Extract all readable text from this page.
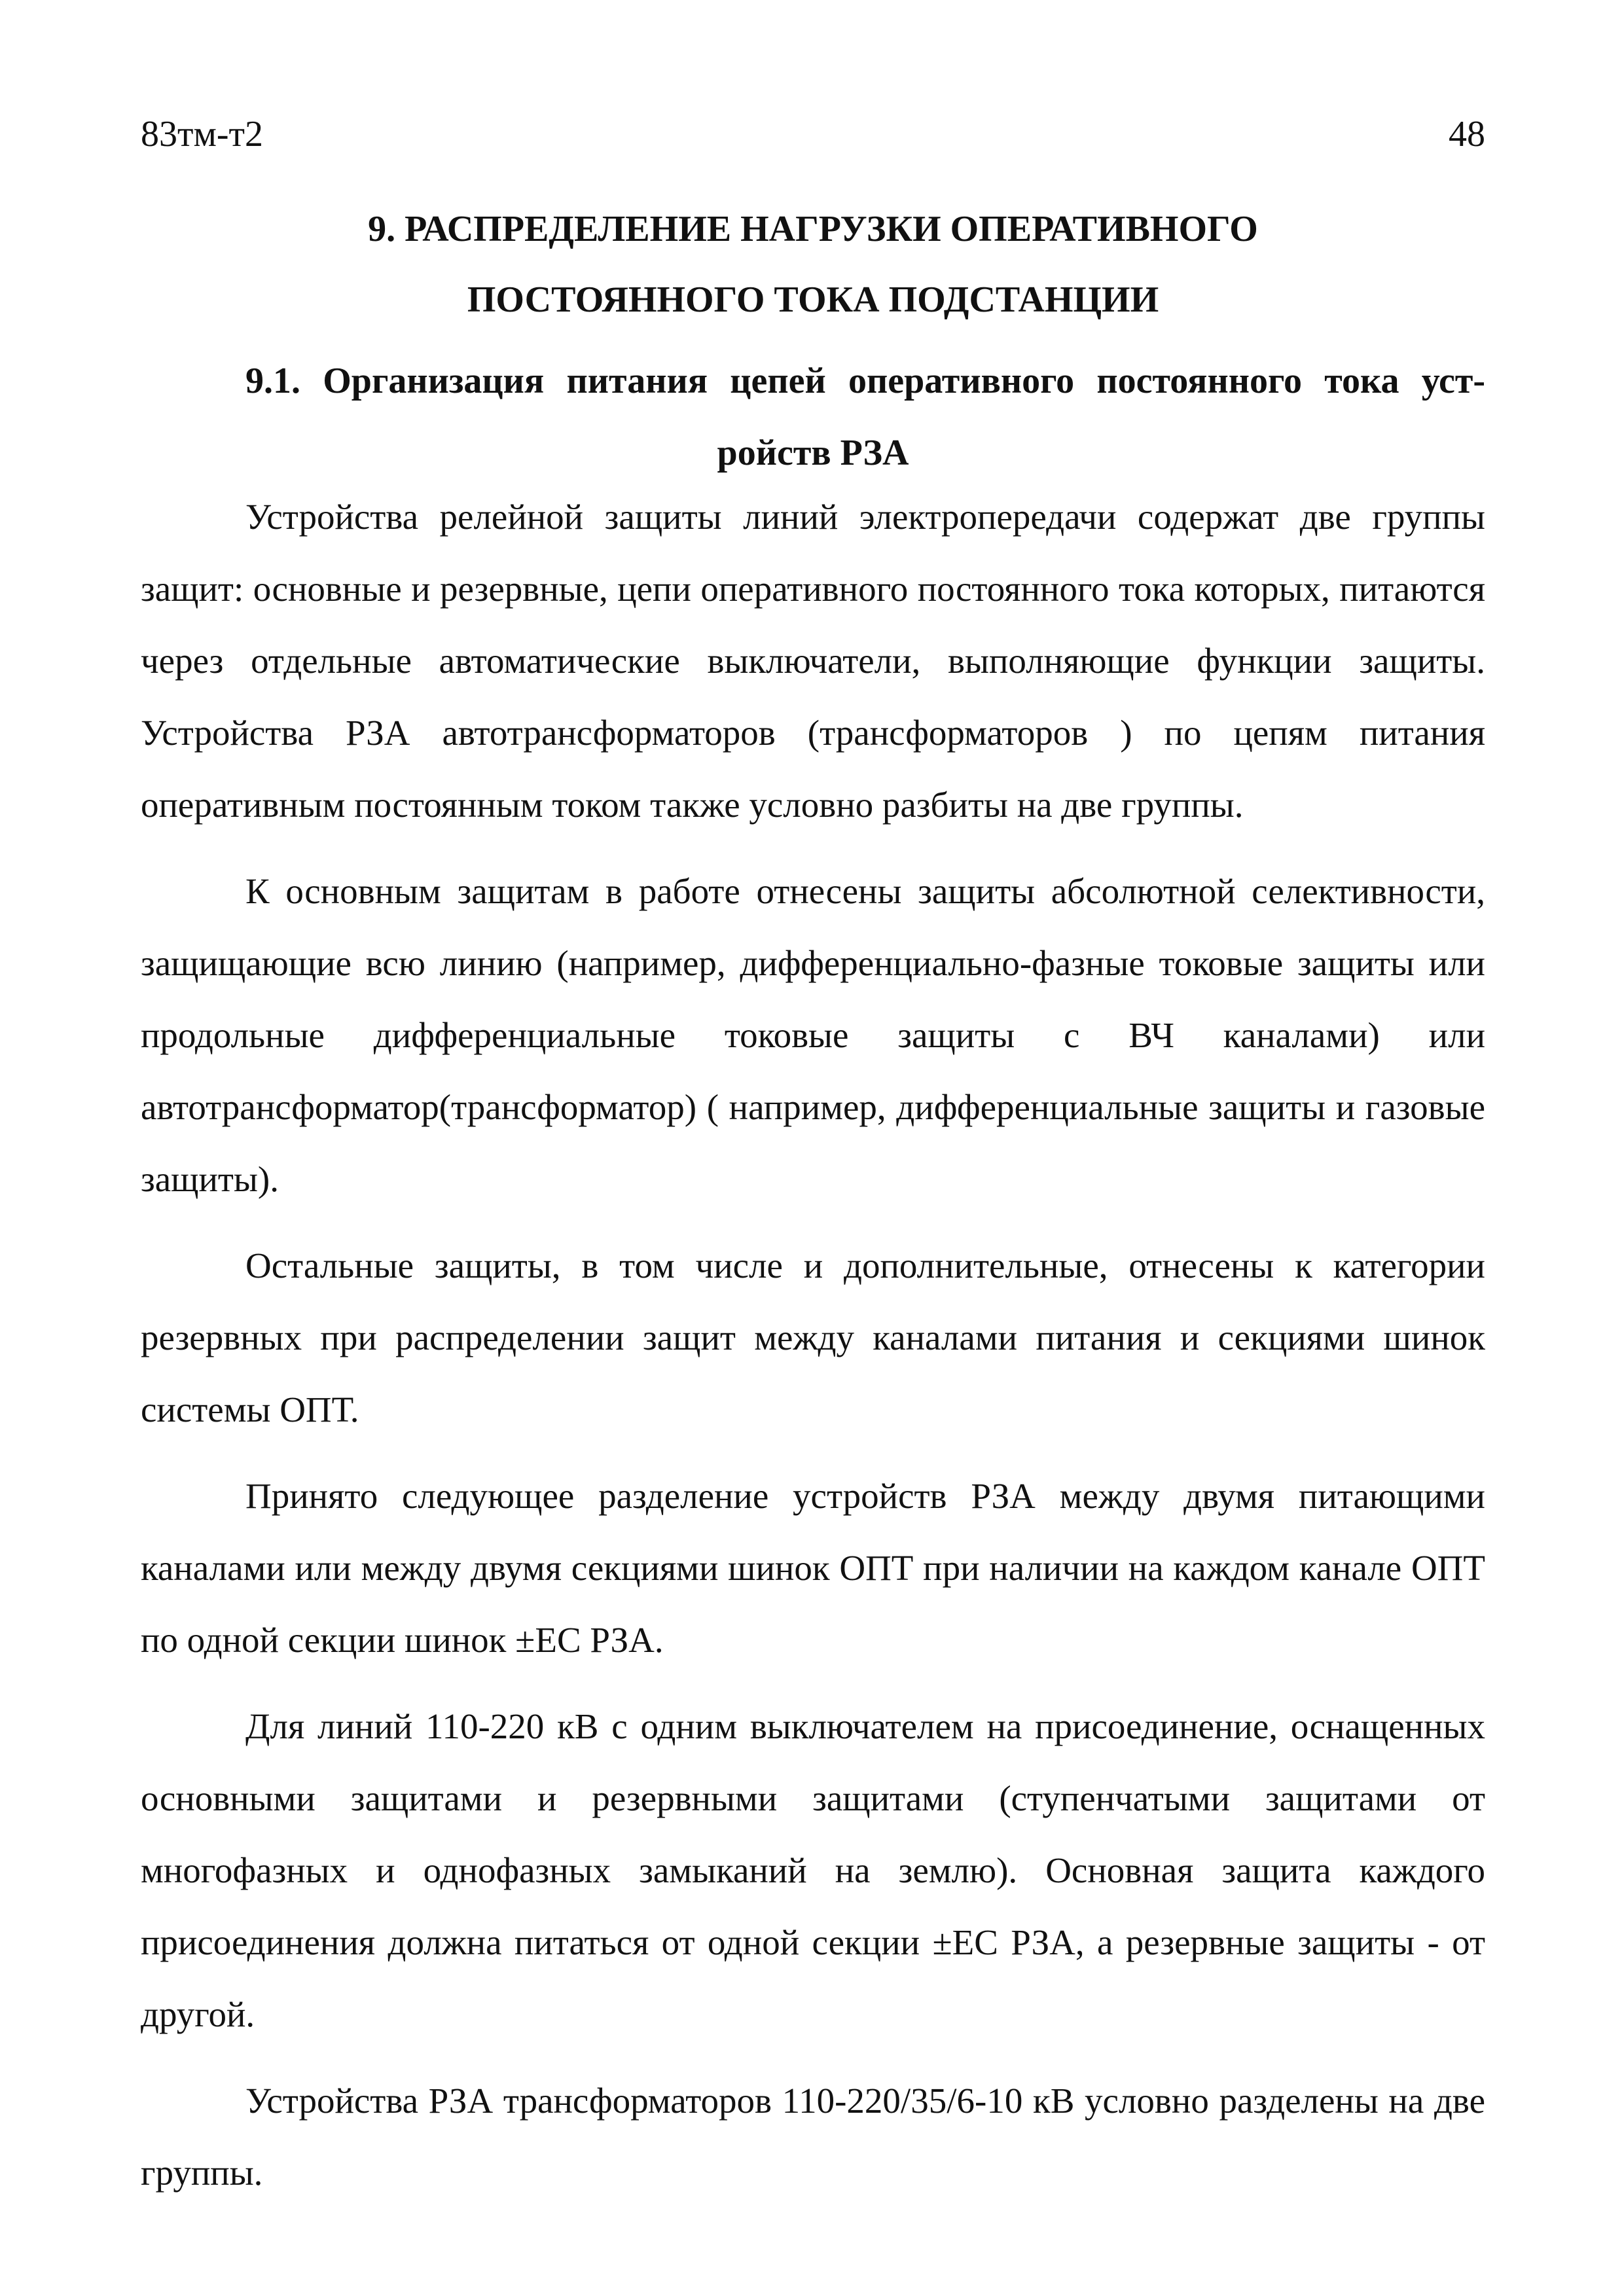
83тм-т2	48
9. РАСПРЕДЕЛЕНИЕ НАГРУЗКИ ОПЕРАТИВНОГО
ПОСТОЯННОГО ТОКА ПОДСТАНЦИИ
9.1. Организация питания цепей оперативного постоянного тока уст-
ройств РЗА

Устройства релейной защиты линий электропередачи содержат две группы защит: основные и резервные, цепи оперативного постоянного тока которых, питаются через отдельные автоматические выключатели, выполняющие функции защиты. Устройства РЗА автотрансформаторов (трансформаторов ) по цепям питания оперативным постоянным током также условно разбиты на две группы.

К основным защитам в работе отнесены защиты абсолютной селективности, защищающие всю линию (например, дифференциально-фазные токовые защиты или продольные дифференциальные токовые защиты с ВЧ каналами) или автотрансформатор(трансформатор) ( например, дифференциальные защиты и газовые защиты).

Остальные защиты, в том числе и дополнительные, отнесены к категории резервных при распределении защит между каналами питания и секциями шинок системы ОПТ.

Принято следующее разделение устройств РЗА между двумя питающими каналами или между двумя секциями шинок ОПТ при наличии на каждом канале ОПТ по одной секции шинок ±ЕС РЗА.

Для линий 110-220 кВ с одним выключателем на присоединение, оснащенных основными защитами и резервными защитами (ступенчатыми защитами от многофазных и однофазных замыканий на землю). Основная защита каждого присоединения должна питаться от одной секции ±ЕС РЗА, а резервные защиты - от другой.

Устройства РЗА трансформаторов 110-220/35/6-10 кВ условно разделены на две группы.
